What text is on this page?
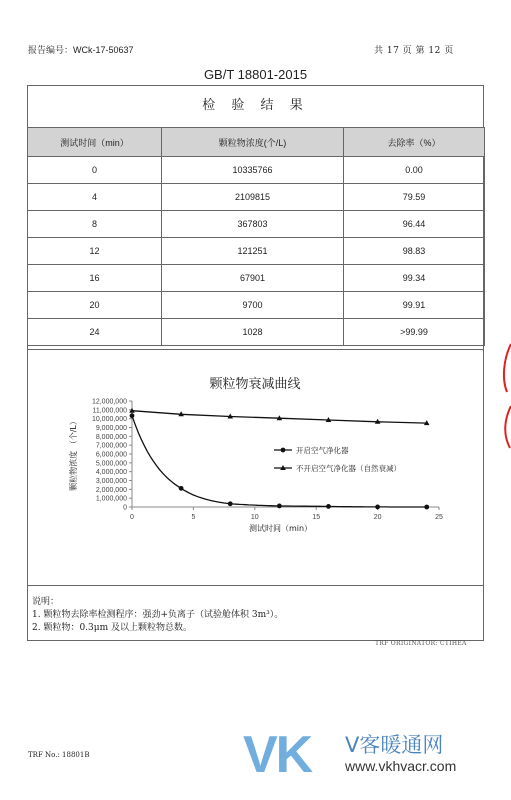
报告编号：WCk-17-50637	共 17 页 第 12 页
GB/T 18801-2015
检 验 结 果
测试时间（min）	颗粒物浓度(个/L)	去除率（%）
0	10335766	0.00
4	2109815	79.59
8	367803	96.44
12	121251	98.83
16	67901	99.34
20	9700	99.91
24	1028	>99.99
颗粒物衰减曲线
0
1,000,000
2,000,000
3,000,000
4,000,000
5,000,000
6,000,000
7,000,000
8,000,000
9,000,000
10,000,000
11,000,000
12,000,000
0	5	10	15	20	25
测试时间（min）
颗粒物浓度 （个/L）	开启空气净化器
不开启空气净化器（自然衰减）
说明：
1. 颗粒物去除率检测程序：强劲+负离子（试验舱体积 3m³）。
2. 颗粒物：0.3μm 及以上颗粒物总数。
TRF ORIGINATOR: CTIHEA
TRF No.: 18801B	VK V客暖通网
www.vkhvacr.com
